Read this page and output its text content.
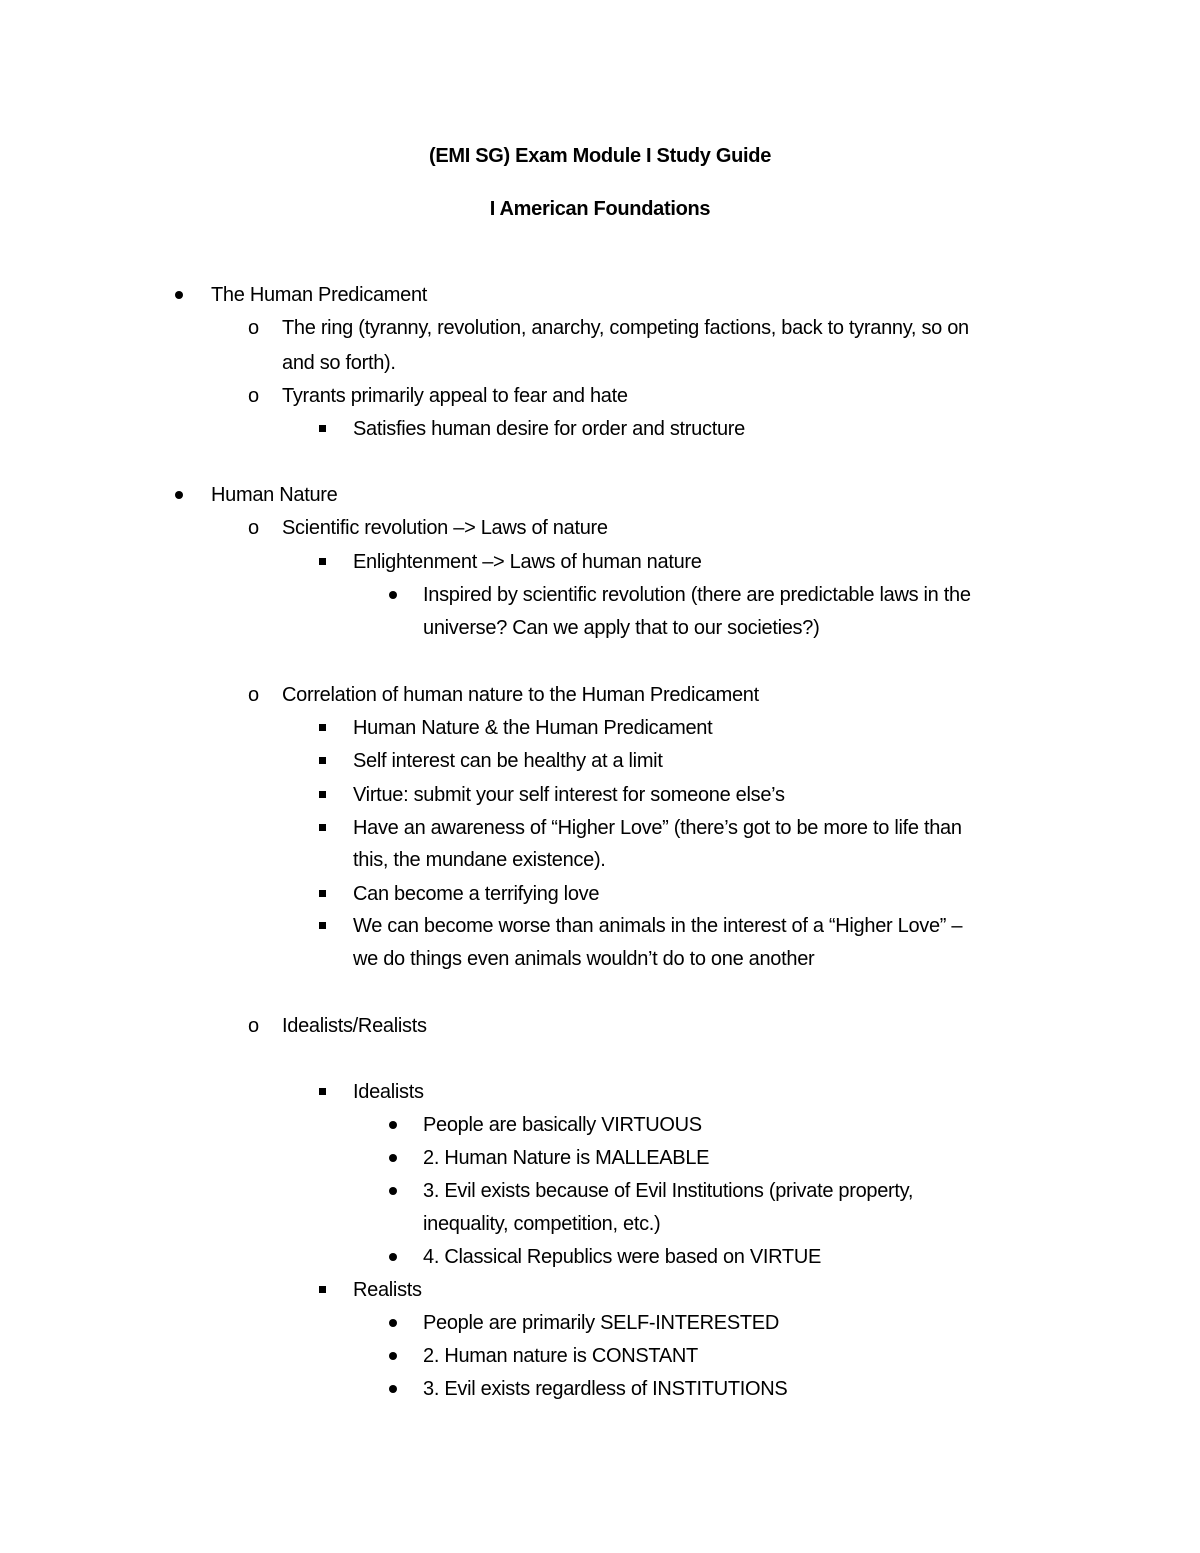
(EMI SG) Exam Module I Study Guide
I American Foundations
The Human Predicament
o The ring (tyranny, revolution, anarchy, competing factions, back to tyranny, so on
and so forth).
o Tyrants primarily appeal to fear and hate
Satisfies human desire for order and structure
Human Nature
o Scientific revolution –> Laws of nature
Enlightenment –> Laws of human nature
Inspired by scientific revolution (there are predictable laws in the
universe? Can we apply that to our societies?)
o Correlation of human nature to the Human Predicament
Human Nature & the Human Predicament
Self interest can be healthy at a limit
Virtue: submit your self interest for someone else’s
Have an awareness of “Higher Love” (there’s got to be more to life than
this, the mundane existence).
Can become a terrifying love
We can become worse than animals in the interest of a “Higher Love” –
we do things even animals wouldn’t do to one another
o Idealists/Realists
Idealists
People are basically VIRTUOUS
2. Human Nature is MALLEABLE
3. Evil exists because of Evil Institutions (private property,
inequality, competition, etc.)
4. Classical Republics were based on VIRTUE
Realists
People are primarily SELF-INTERESTED
2. Human nature is CONSTANT
3. Evil exists regardless of INSTITUTIONS
